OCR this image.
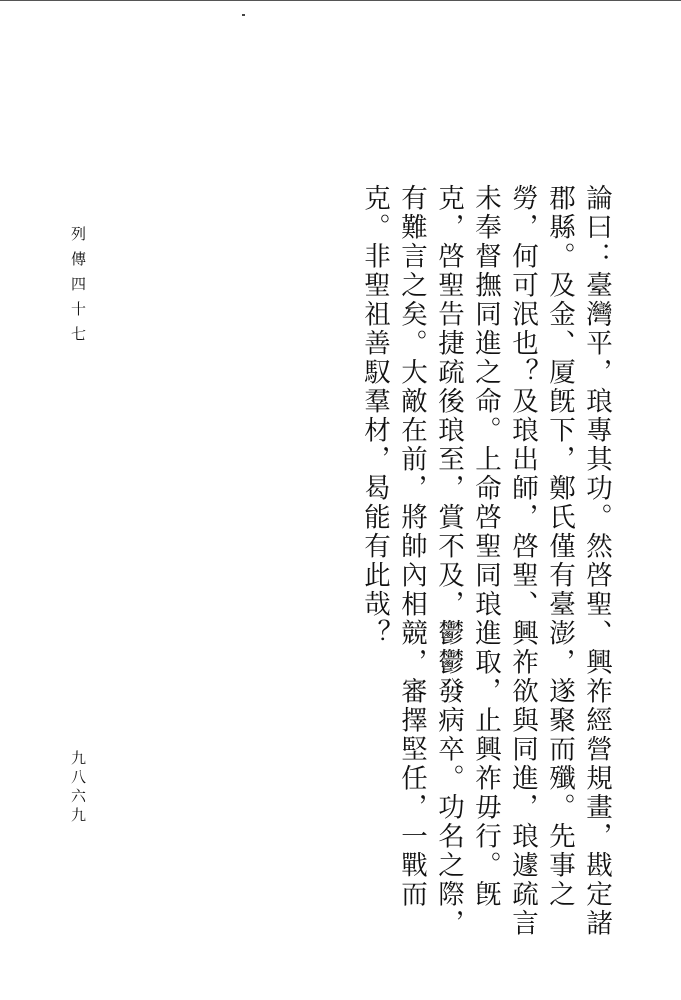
列傳四十七
九八六九	論曰：臺灣平，琅專其功。然啓聖、興祚經營規畫，戡定諸郡縣。及金、厦旣下，鄭氏僅有臺澎，遂聚而殲。先事之勞，何可泯也？及琅出師，啓聖、興祚欲與同進，琅遽疏言未奉督撫同進之命。上命啓聖同琅進取，止興祚毋行。旣克，啓聖告捷疏後琅至，賞不及，鬱鬱發病卒。功名之際，有難言之矣。大敵在前，將帥內相競，審擇堅任，一戰而克。非聖祖善馭羣材，曷能有此哉？
